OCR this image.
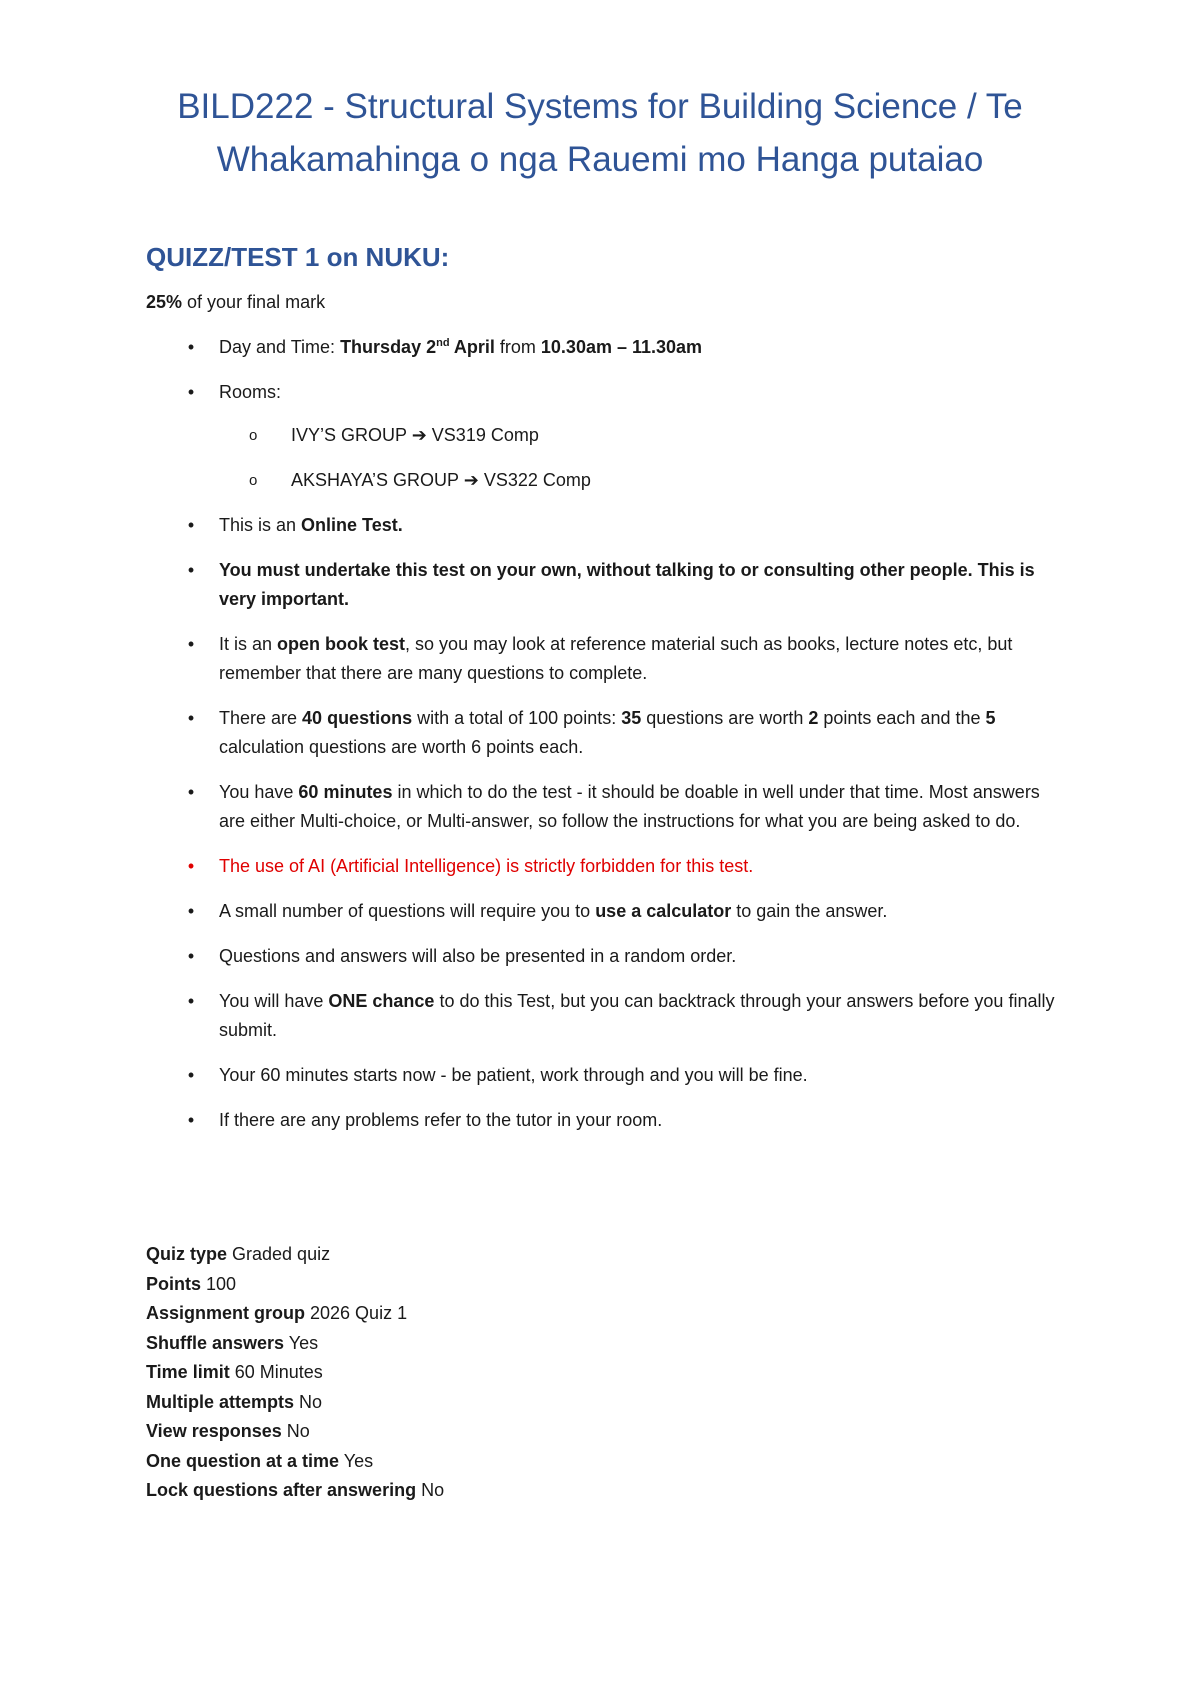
BILD222 - Structural Systems for Building Science / Te Whakamahinga o nga Rauemi mo Hanga putaiao
QUIZZ/TEST 1 on NUKU:

25% of your final mark

• Day and Time: Thursday 2nd April from 10.30am – 11.30am
• Rooms:
o IVY’S GROUP ➔ VS319 Comp
o AKSHAYA’S GROUP ➔ VS322 Comp
• This is an Online Test.
• You must undertake this test on your own, without talking to or consulting other people. This is very important.
• It is an open book test, so you may look at reference material such as books, lecture notes etc, but remember that there are many questions to complete.
• There are 40 questions with a total of 100 points: 35 questions are worth 2 points each and the 5 calculation questions are worth 6 points each.
• You have 60 minutes in which to do the test - it should be doable in well under that time. Most answers are either Multi-choice, or Multi-answer, so follow the instructions for what you are being asked to do.
• The use of AI (Artificial Intelligence) is strictly forbidden for this test.
• A small number of questions will require you to use a calculator to gain the answer.
• Questions and answers will also be presented in a random order.
• You will have ONE chance to do this Test, but you can backtrack through your answers before you finally submit.
• Your 60 minutes starts now - be patient, work through and you will be fine.
• If there are any problems refer to the tutor in your room.

Quiz type Graded quiz

Points 100

Assignment group 2026 Quiz 1

Shuffle answers Yes

Time limit 60 Minutes

Multiple attempts No

View responses No

One question at a time Yes

Lock questions after answering No
